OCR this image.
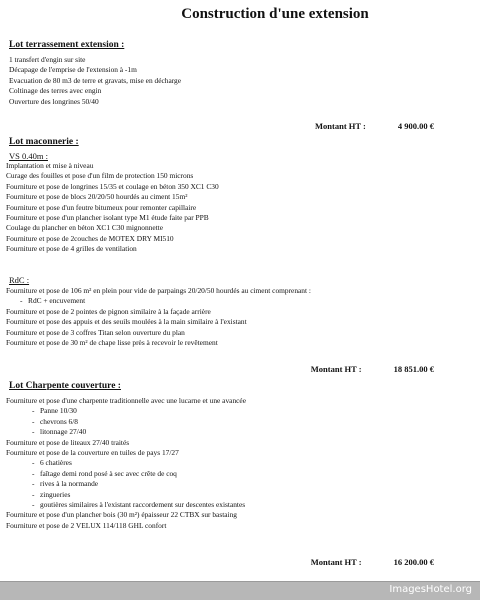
Construction d'une extension
Lot terrassement extension :
1 transfert d'engin sur site
Décapage de l'emprise de l'extension à -1m
Evacuation de 80 m3 de terre et gravats, mise en décharge
Coltinage des terres avec engin
Ouverture des longrines 50/40
Montant HT :	4 900.00 €
Lot maconnerie :
VS 0.40m :
Implantation et mise à niveau
Curage des fouilles et pose d'un film de protection 150 microns
Fourniture et pose de longrines 15/35 et coulage en béton 350 XC1 C30
Fourniture et pose de blocs 20/20/50 hourdés au ciment 15m²
Fourniture et pose d'un feutre bitumeux pour remonter capillaire
Fourniture et pose d'un plancher isolant type M1 étude faite par PPB
Coulage du plancher en béton XC1 C30 mignonnette
Fourniture et pose de 2couches de MOTEX DRY MI510
Fourniture et pose de 4 grilles de ventilation
RdC :
Fourniture et pose de 106 m² en plein pour vide de parpaings 20/20/50 hourdés au ciment comprenant :
-   RdC + encuvement
Fourniture et pose de 2 pointes de pignon similaire à la façade arrière
Fourniture et pose des appuis et des seuils moulées à la main similaire à l'existant
Fourniture et pose de 3 coffres Titan selon ouverture du plan
Fourniture et pose de 30 m² de chape lisse près à recevoir le revêtement
Montant HT :	18 851.00 €
Lot Charpente couverture :
Fourniture et pose d'une charpente traditionnelle avec une lucarne et une avancée
-   Panne 10/30
-   chevrons 6/8
-   litonnage 27/40
Fourniture et pose de liteaux 27/40 traités
Fourniture et pose de la couverture en tuiles de pays 17/27
-   6 chatières
-   faîtage demi rond posé à sec avec crête de coq
-   rives à la normande
-   zingueries
-   goutières similaires à l'existant raccordement sur descentes existantes
Fourniture et pose d'un plancher bois (30 m²) épaisseur 22 CTBX sur bastaing
Fourniture et pose de 2 VELUX 114/118 GHL confort
Montant HT :	16 200.00 €
ImagesHotel.org
